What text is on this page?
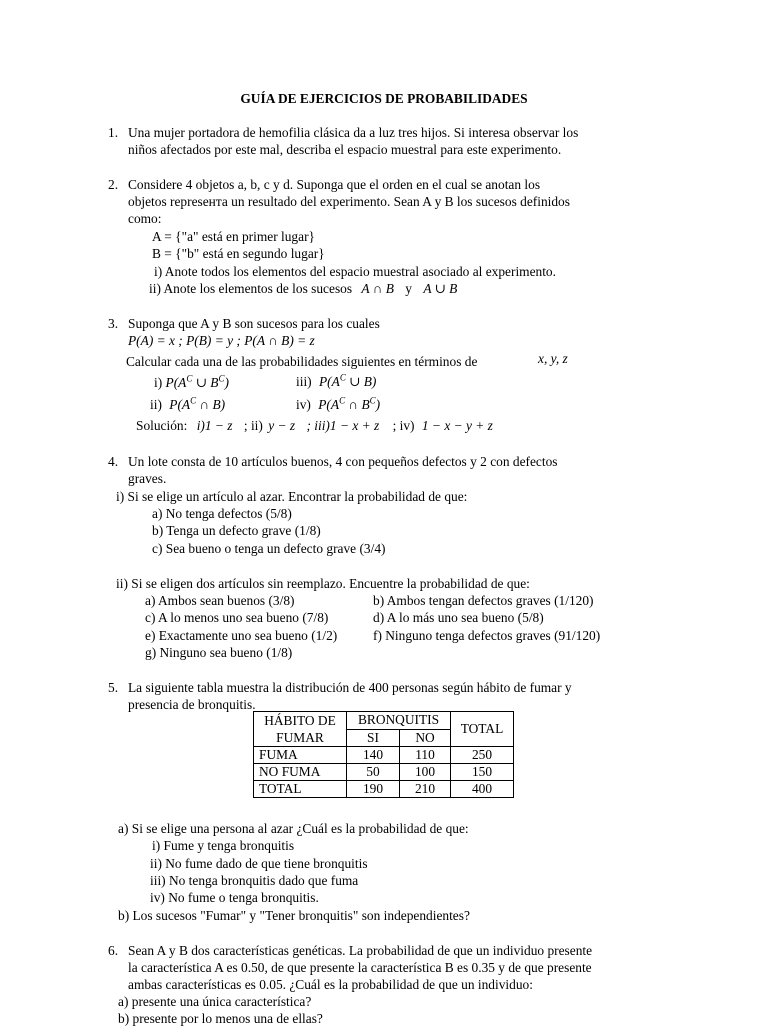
GUÍA DE EJERCICIOS DE PROBABILIDADES
1. Una mujer portadora de hemofilia clásica da a luz tres hijos. Si interesa observar los
niños afectados por este mal, describa el espacio muestral para este experimento.
2. Considere 4 objetos a, b, c y d. Suponga que el orden en el cual se anotan los
objetos represента un resultado del experimento. Sean A y B los sucesos definidos
como:
A = {"a" está en primer lugar}
B = {"b" está en segundo lugar}
i) Anote todos los elementos del espacio muestral asociado al experimento.
ii) Anote los elementos de los sucesos A ∩ B y A ∪ B
3. Suponga que A y B son sucesos para los cuales
P(A) = x ; P(B) = y ; P(A ∩ B) = z
Calcular cada una de las probabilidades siguientes en términos de	x, y, z
i) $P(A^C$ ∪ $B^C$)	iii) $P(A^C$ ∪ B)
ii) $P(A^C$ ∩ B)	iv) $P(A^C$ ∩ $B^C$)
Solución: i)1 − z ; ii) y − z ; iii)1 − x + z ; iv) 1 − x − y + z
4. Un lote consta de 10 artículos buenos, 4 con pequeños defectos y 2 con defectos
graves.
i) Si se elige un artículo al azar. Encontrar la probabilidad de que:
a) No tenga defectos (5/8)
b) Tenga un defecto grave (1/8)
c) Sea bueno o tenga un defecto grave (3/4)
ii) Si se eligen dos artículos sin reemplazo. Encuentre la probabilidad de que:
a) Ambos sean buenos (3/8)	b) Ambos tengan defectos graves (1/120)
c) A lo menos uno sea bueno (7/8)	d) A lo más uno sea bueno (5/8)
e) Exactamente uno sea bueno (1/2)	f) Ninguno tenga defectos graves (91/120)
g) Ninguno sea bueno (1/8)
5. La siguiente tabla muestra la distribución de 400 personas según hábito de fumar y
presencia de bronquitis.
HÁBITO DE
FUMAR	BRONQUITIS		TOTAL
	SI	NO	
FUMA	140	110	250
NO FUMA	50	100	150
TOTAL	190	210	400
a) Si se elige una persona al azar ¿Cuál es la probabilidad de que:
i) Fume y tenga bronquitis
ii) No fume dado de que tiene bronquitis
iii) No tenga bronquitis dado que fuma
iv) No fume o tenga bronquitis.
b) Los sucesos "Fumar" y "Tener bronquitis" son independientes?
6. Sean A y B dos características genéticas. La probabilidad de que un individuo presente
la característica A es 0.50, de que presente la característica B es 0.35 y de que presente
ambas características es 0.05. ¿Cuál es la probabilidad de que un individuo:
a) presente una única característica?
b) presente por lo menos una de ellas?
